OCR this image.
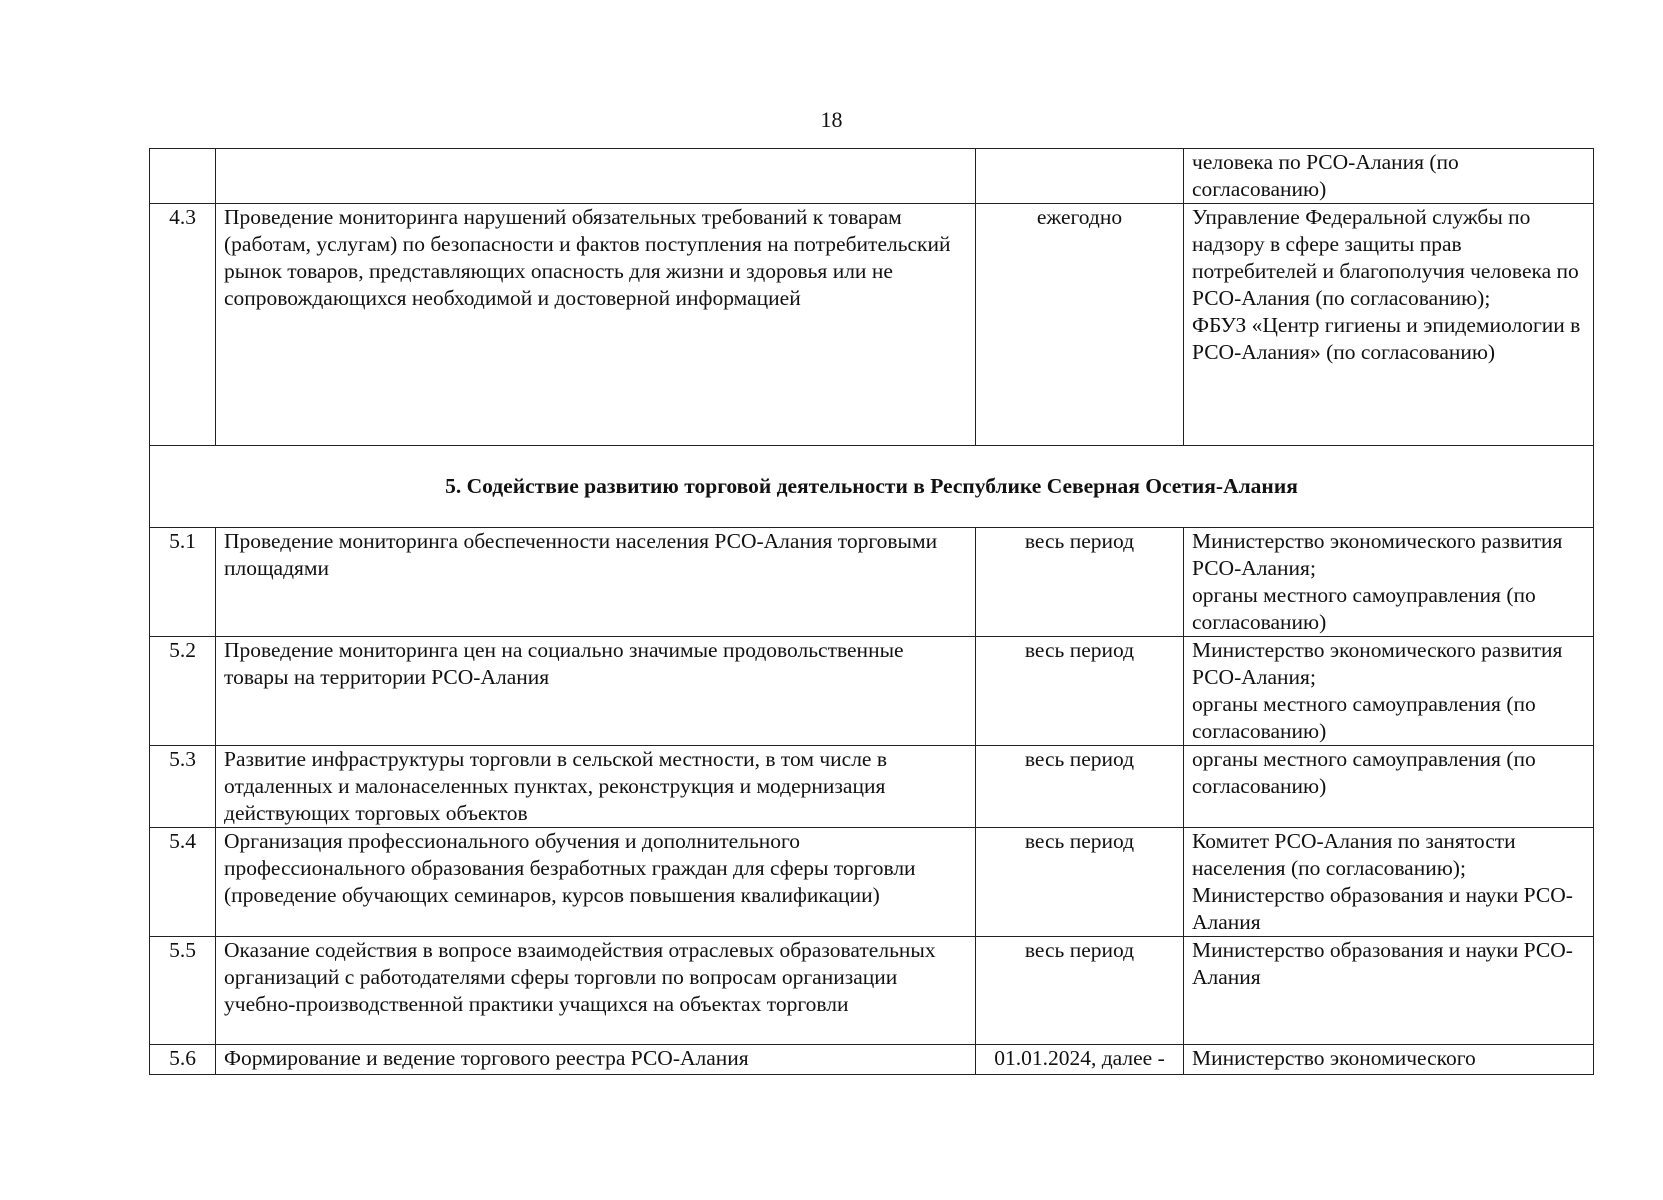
18

			человека по РСО-Алания (по
согласованию)

4.3	Проведение мониторинга нарушений обязательных требований к товарам (работам, услугам) по безопасности и фактов поступления на потребительский рынок товаров, представляющих опасность для жизни и здоровья или не сопровождающихся необходимой и достоверной информацией	ежегодно	Управление Федеральной службы по надзору в сфере защиты прав потребителей и благополучия человека по РСО-Алания (по согласованию);
ФБУЗ «Центр гигиены и эпидемиологии в РСО-Алания» (по согласованию)

5. Содействие развитию торговой деятельности в Республике Северная Осетия-Алания			
5.1	Проведение мониторинга обеспеченности населения РСО-Алания торговыми площадями	весь период	Министерство экономического развития РСО-Алания;
органы местного самоуправления (по согласованию)

5.2	Проведение мониторинга цен на социально значимые продовольственные товары на территории РСО-Алания	весь период	Министерство экономического развития РСО-Алания;
органы местного самоуправления (по согласованию)

5.3	Развитие инфраструктуры торговли в сельской местности, в том числе в отдаленных и малонаселенных пунктах, реконструкция и модернизация действующих торговых объектов	весь период	органы местного самоуправления (по согласованию)

5.4	Организация профессионального обучения и дополнительного профессионального образования безработных граждан для сферы торговли (проведение обучающих семинаров, курсов повышения квалификации)	весь период	Комитет РСО-Алания по занятости населения (по согласованию);
Министерство образования и науки РСО-Алания

5.5	Оказание содействия в вопросе взаимодействия отраслевых образовательных организаций с работодателями сферы торговли по вопросам организации учебно-производственной практики учащихся на объектах торговли	весь период	Министерство образования и науки РСО-Алания

5.6	Формирование и ведение торгового реестра РСО-Алания	01.01.2024, далее -	Министерство экономического
